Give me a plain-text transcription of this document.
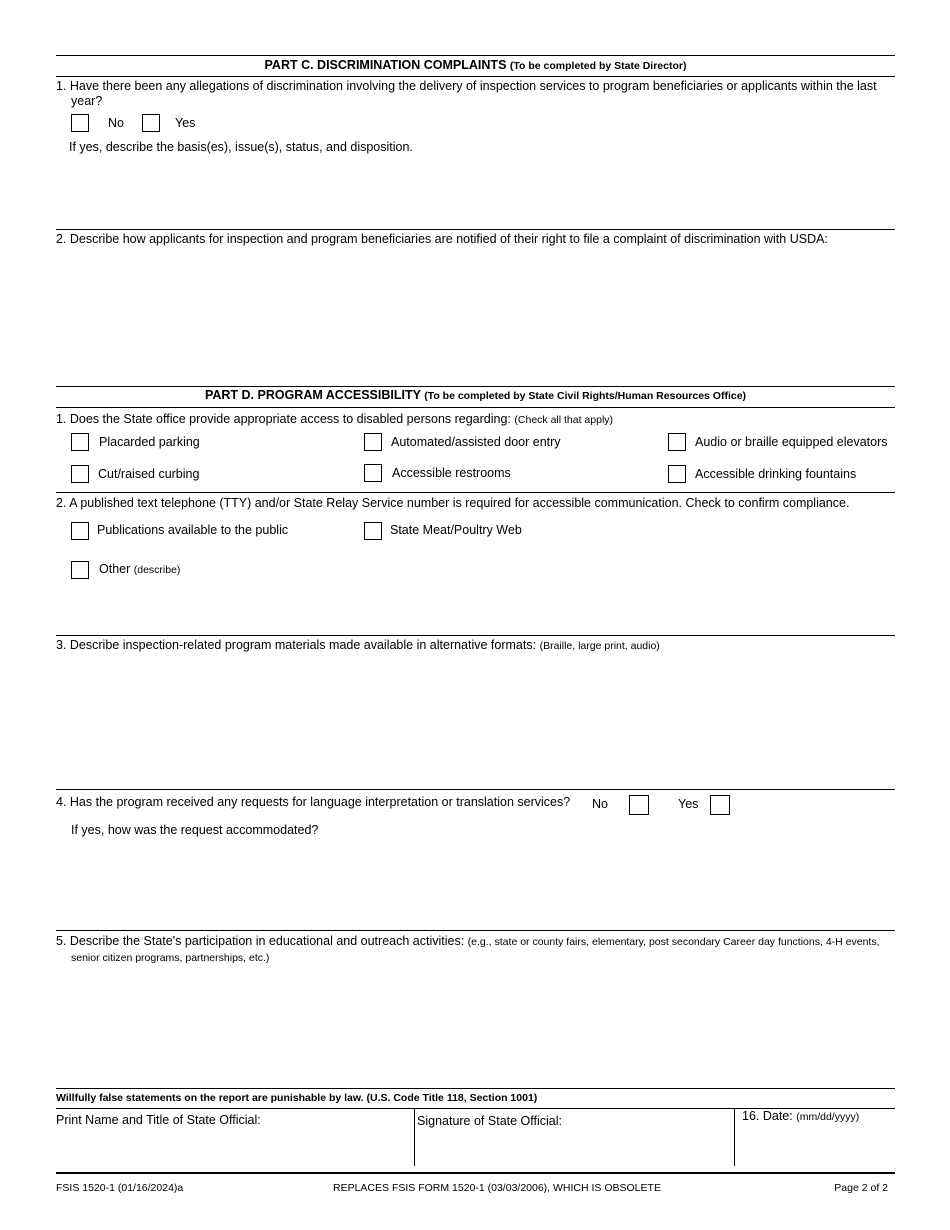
PART C. DISCRIMINATION COMPLAINTS (To be completed by State Director)
1. Have there been any allegations of discrimination involving the delivery of inspection services to program beneficiaries or applicants within the last year?
No	Yes
If yes, describe the basis(es), issue(s), status, and disposition.
2. Describe how applicants for inspection and program beneficiaries are notified of their right to file a complaint of discrimination with USDA:
PART D. PROGRAM ACCESSIBILITY (To be completed by State Civil Rights/Human Resources Office)
1. Does the State office provide appropriate access to disabled persons regarding: (Check all that apply)
Placarded parking	Automated/assisted door entry	Audio or braille equipped elevators
Cut/raised curbing	Accessible restrooms	Accessible drinking fountains
2. A published text telephone (TTY) and/or State Relay Service number is required for accessible communication. Check to confirm compliance.
Publications available to the public	State Meat/Poultry Web
Other (describe)
3. Describe inspection-related program materials made available in alternative formats: (Braille, large print, audio)
4. Has the program received any requests for language interpretation or translation services? No	Yes
If yes, how was the request accommodated?
5. Describe the State's participation in educational and outreach activities: (e.g., state or county fairs, elementary, post secondary Career day functions, 4-H events, senior citizen programs, partnerships, etc.)
Willfully false statements on the report are punishable by law. (U.S. Code Title 118, Section 1001)
Print Name and Title of State Official:	Signature of State Official:	16. Date: (mm/dd/yyyy)
FSIS 1520-1 (01/16/2024)a	REPLACES FSIS FORM 1520-1 (03/03/2006), WHICH IS OBSOLETE	Page 2 of 2
